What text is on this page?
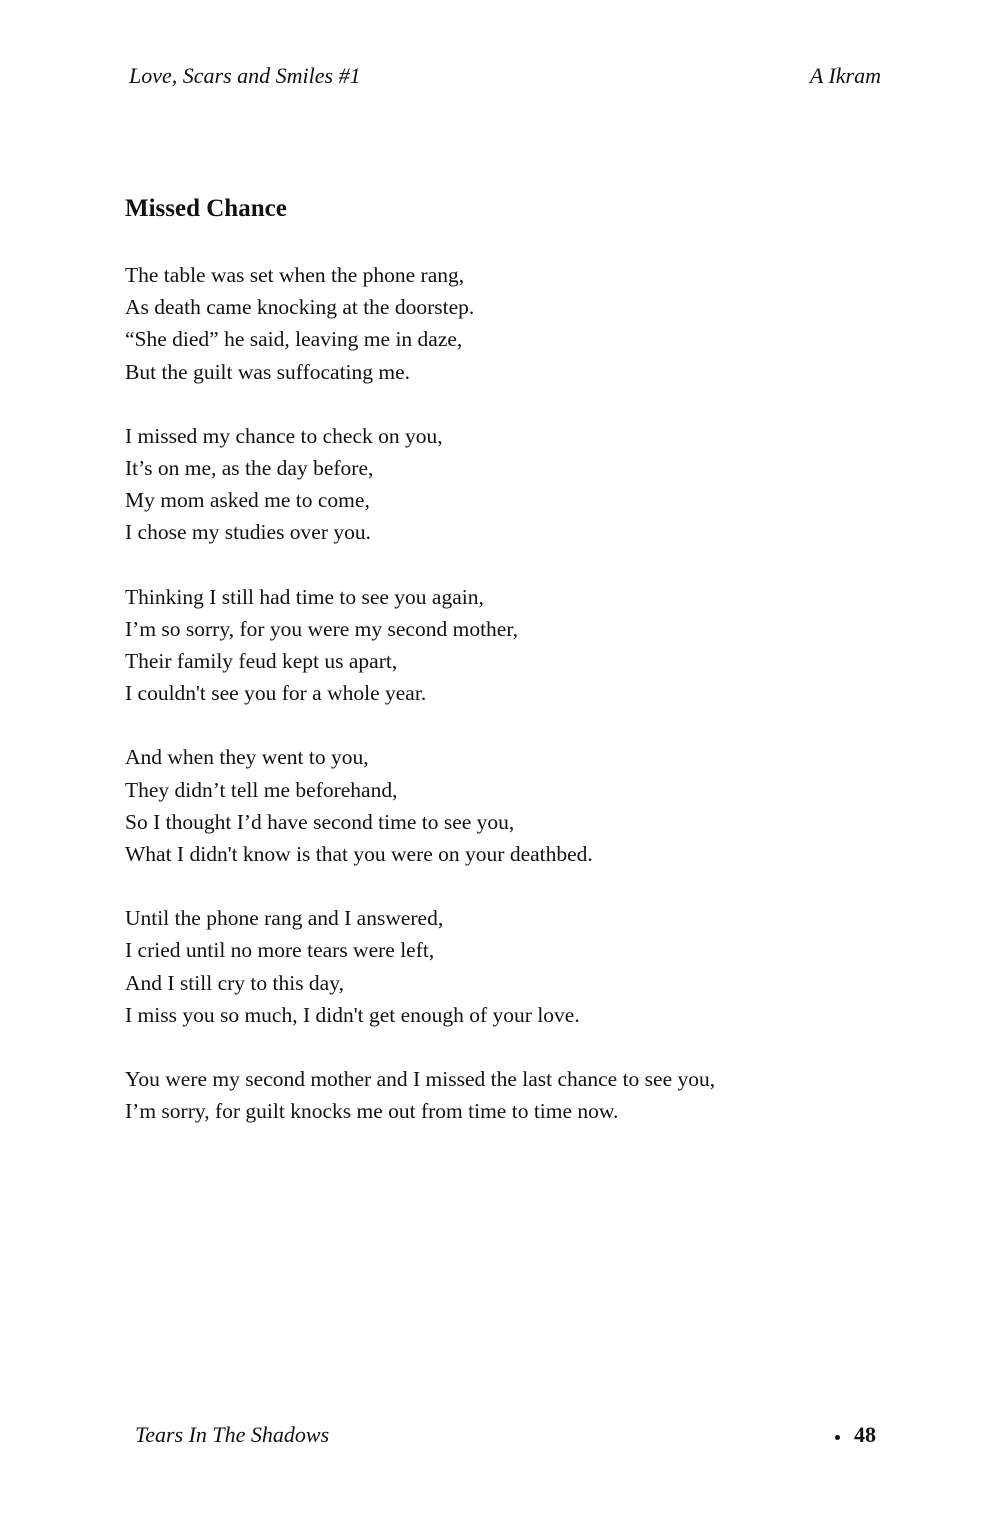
Love, Scars and Smiles #1	A Ikram
Missed Chance
The table was set when the phone rang,
As death came knocking at the doorstep.
“She died” he said, leaving me in daze,
But the guilt was suffocating me.
I missed my chance to check on you,
It’s on me, as the day before,
My mom asked me to come,
I chose my studies over you.
Thinking I still had time to see you again,
I’m so sorry, for you were my second mother,
Their family feud kept us apart,
I couldn't see you for a whole year.
And when they went to you,
They didn’t tell me beforehand,
So I thought I’d have second time to see you,
What I didn't know is that you were on your deathbed.
Until the phone rang and I answered,
I cried until no more tears were left,
And I still cry to this day,
I miss you so much, I didn't get enough of your love.
You were my second mother and I missed the last chance to see you,
I’m sorry, for guilt knocks me out from time to time now.
Tears In The Shadows	48
